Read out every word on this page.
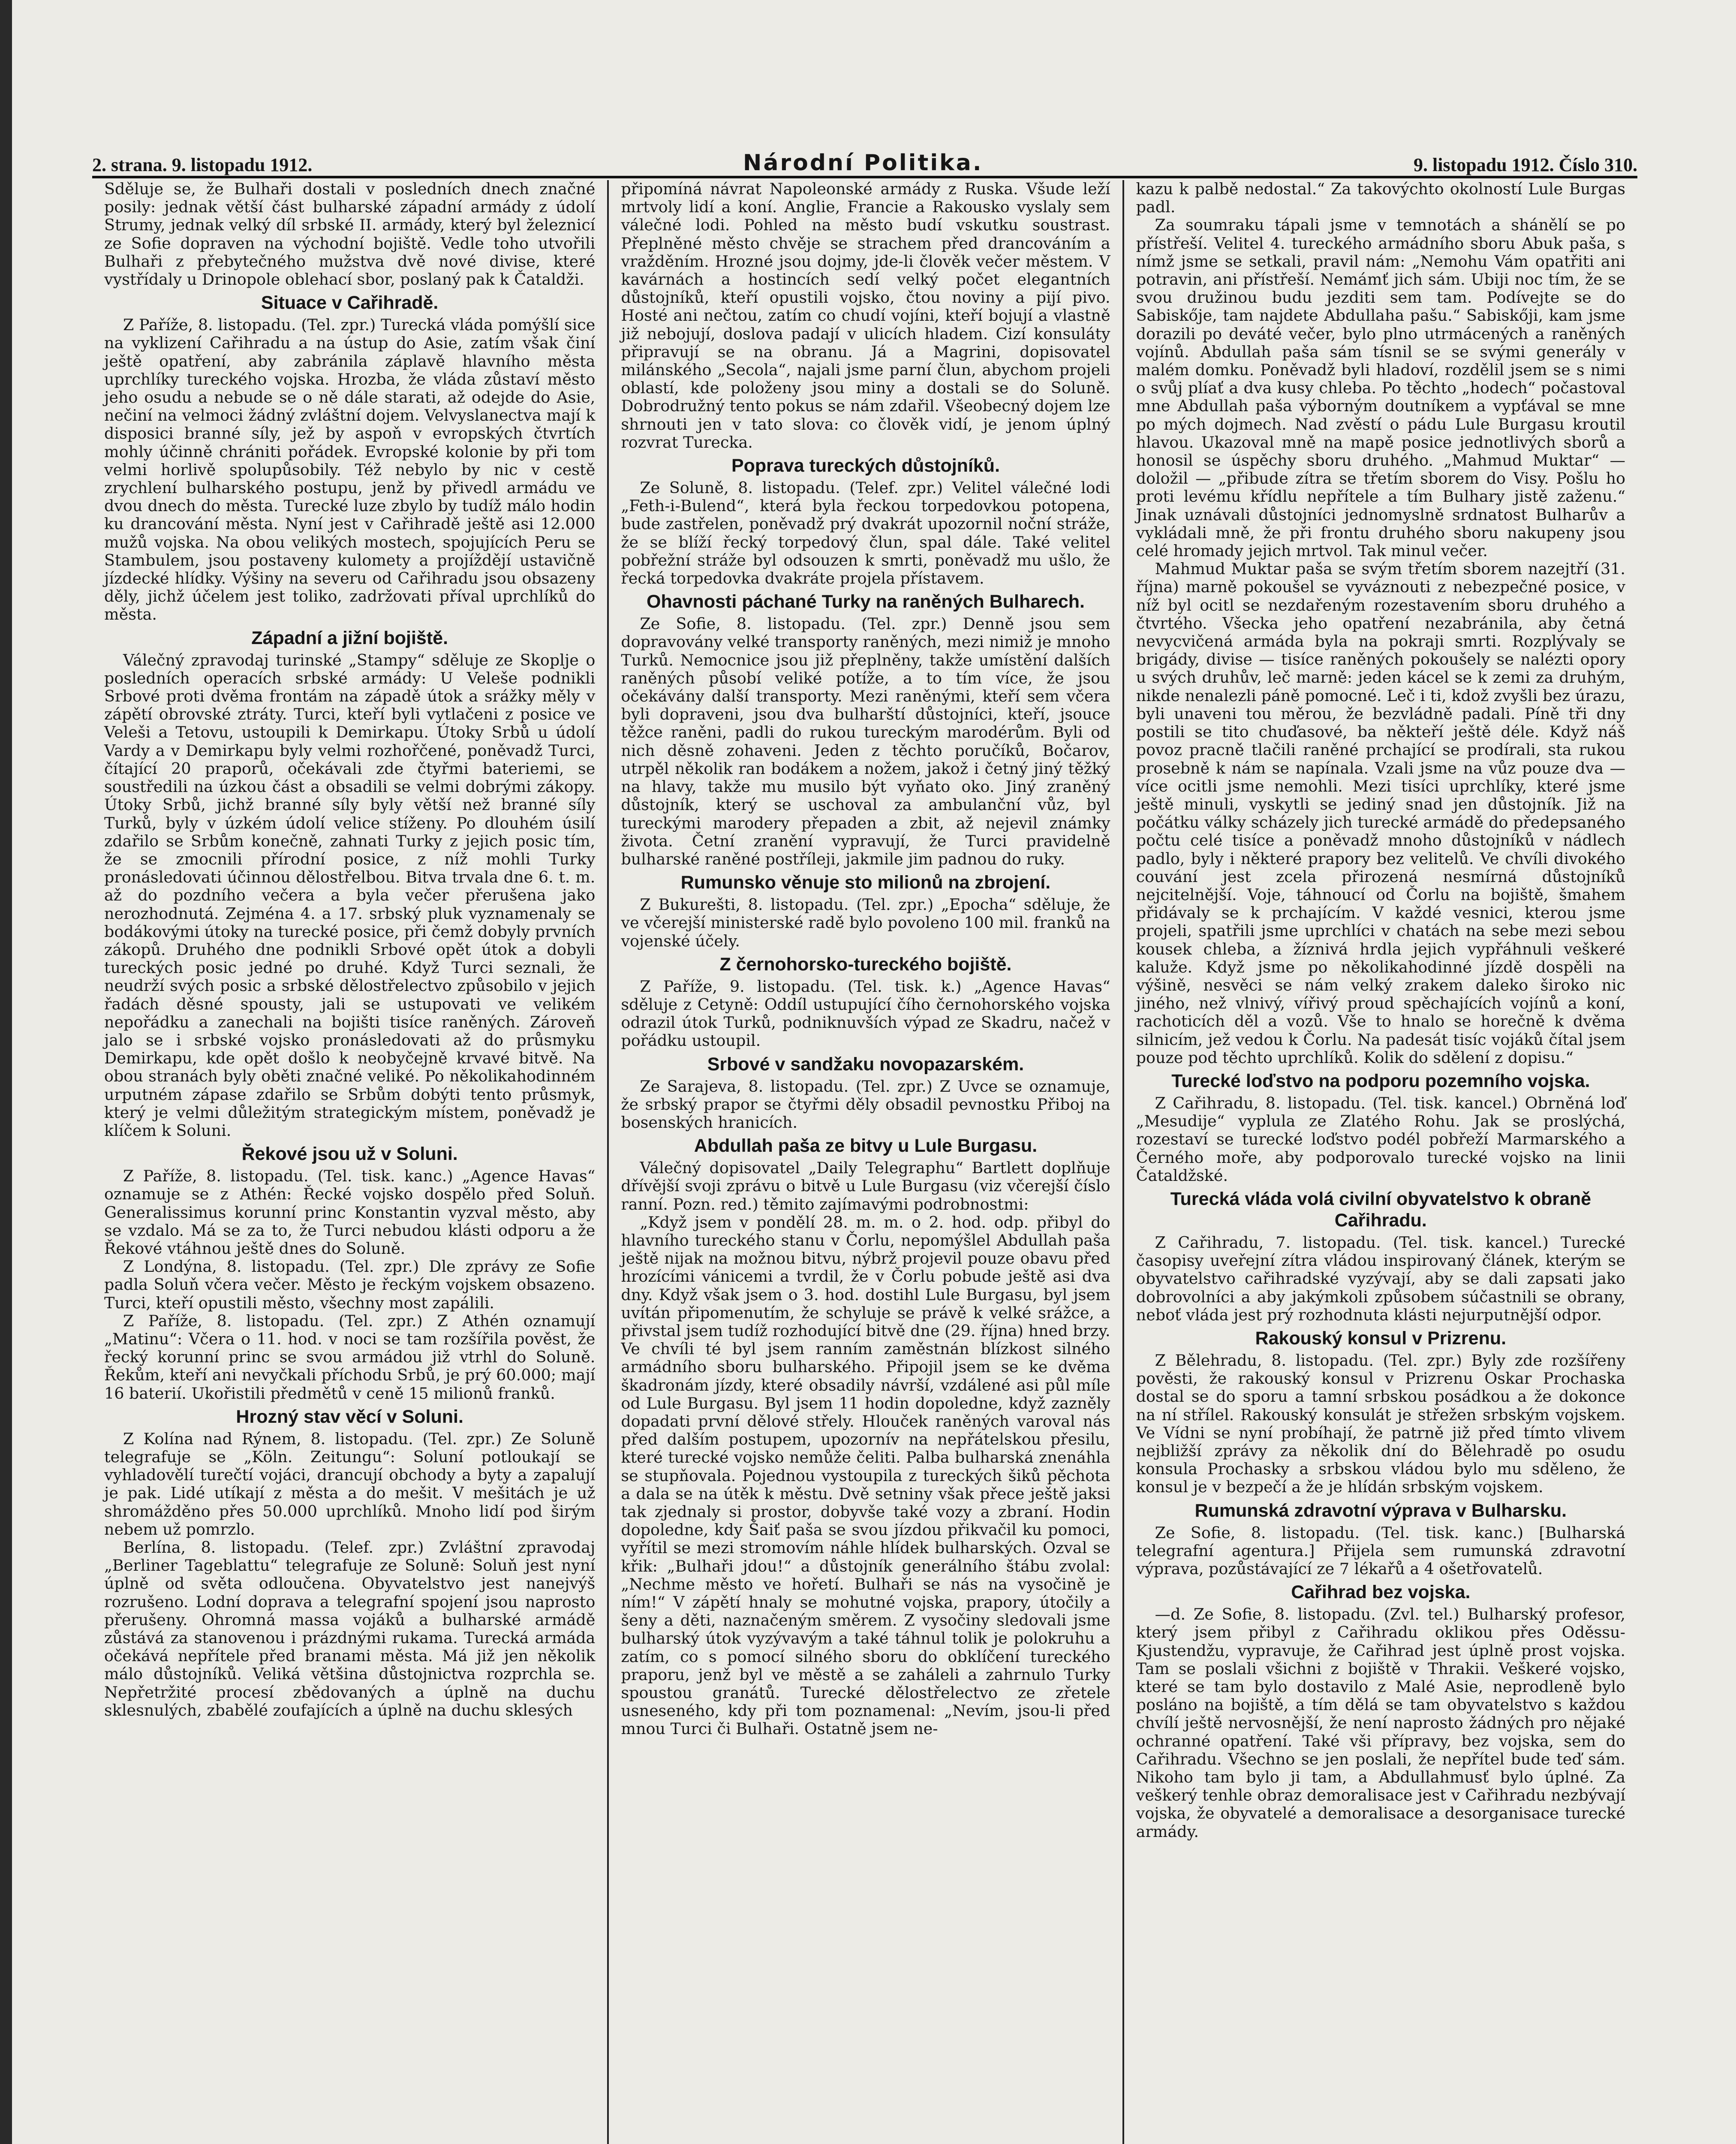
2. strana. 9. listopadu 1912.	Národní Politika.	9. listopadu 1912. Číslo 310.

Sděluje se, že Bulhaři dostali v posledních dnech značné posily: jednak větší část bulharské západní armády z údolí Strumy, jednak velký díl srbské II. armády, který byl železnicí ze Sofie dopraven na východní bojiště. Vedle toho utvořili Bulhaři z přebytečného mužstva dvě nové divise, které vystřídaly u Drinopole oblehací sbor, poslaný pak k Čataldži.

Situace v Cařihradě.

Z Paříže, 8. listopadu. (Tel. zpr.) Turecká vláda pomýšlí sice na vyklizení Cařihradu a na ústup do Asie, zatím však činí ještě opatření, aby zabránila záplavě hlavního města uprchlíky tureckého vojska. Hrozba, že vláda zůstaví město jeho osudu a nebude se o ně dále starati, až odejde do Asie, nečiní na velmoci žádný zvláštní dojem. Velvyslanectva mají k disposici branné síly, jež by aspoň v evropských čtvrtích mohly účinně chrániti pořádek. Evropské kolonie by při tom velmi horlivě spolupůsobily. Též nebylo by nic v cestě zrychlení bulharského postupu, jenž by přivedl armádu ve dvou dnech do města. Turecké luze zbylo by tudíž málo hodin ku drancování města. Nyní jest v Cařihradě ještě asi 12.000 mužů vojska. Na obou velikých mostech, spojujících Peru se Stambulem, jsou postaveny kulomety a projíždějí ustavičně jízdecké hlídky. Výšiny na severu od Cařihradu jsou obsazeny děly, jichž účelem jest toliko, zadržovati příval uprchlíků do města.

Západní a jižní bojiště.

Válečný zpravodaj turinské „Stampy“ sděluje ze Skoplje o posledních operacích srbské armády: U Veleše podnikli Srbové proti dvěma frontám na západě útok a srážky měly v zápětí obrovské ztráty. Turci, kteří byli vytlačeni z posice ve Veleši a Tetovu, ustoupili k Demirkapu. Útoky Srbů u údolí Vardy a v Demirkapu byly velmi rozhořčené, poněvadž Turci, čítající 20 praporů, očekávali zde čtyřmi bateriemi, se soustředili na úzkou část a obsadili se velmi dobrými zákopy. Útoky Srbů, jichž branné síly byly větší než branné síly Turků, byly v úzkém údolí velice stíženy. Po dlouhém úsilí zdařilo se Srbům konečně, zahnati Turky z jejich posic tím, že se zmocnili přírodní posice, z níž mohli Turky pronásledovati účinnou dělostřelbou. Bitva trvala dne 6. t. m. až do pozdního večera a byla večer přerušena jako nerozhodnutá. Zejména 4. a 17. srbský pluk vyznamenaly se bodákovými útoky na turecké posice, při čemž dobyly prvních zákopů. Druhého dne podnikli Srbové opět útok a dobyli tureckých posic jedné po druhé. Když Turci seznali, že neudrží svých posic a srbské dělostřelectvo způsobilo v jejich řadách děsné spousty, jali se ustupovati ve velikém nepořádku a zanechali na bojišti tisíce raněných. Zároveň jalo se i srbské vojsko pronásledovati až do průsmyku Demirkapu, kde opět došlo k neobyčejně krvavé bitvě. Na obou stranách byly oběti značné veliké. Po několikahodinném urputném zápase zdařilo se Srbům dobýti tento průsmyk, který je velmi důležitým strategickým místem, poněvadž je klíčem k Soluni.

Řekové jsou už v Soluni.

Z Paříže, 8. listopadu. (Tel. tisk. kanc.) „Agence Havas“ oznamuje se z Athén: Řecké vojsko dospělo před Soluň. Generalissimus korunní princ Konstantin vyzval město, aby se vzdalo. Má se za to, že Turci nebudou klásti odporu a že Řekové vtáhnou ještě dnes do Soluně.

Z Londýna, 8. listopadu. (Tel. zpr.) Dle zprávy ze Sofie padla Soluň včera večer. Město je řeckým vojskem obsazeno. Turci, kteří opustili město, všechny most zapálili.

Z Paříže, 8. listopadu. (Tel. zpr.) Z Athén oznamují „Matinu“: Včera o 11. hod. v noci se tam rozšířila pověst, že řecký korunní princ se svou armádou již vtrhl do Soluně. Řekům, kteří ani nevyčkali příchodu Srbů, je prý 60.000; mají 16 baterií. Ukořistili předmětů v ceně 15 milionů franků.

Hrozný stav věcí v Soluni.

Z Kolína nad Rýnem, 8. listopadu. (Tel. zpr.) Ze Soluně telegrafuje se „Köln. Zeitungu“: Soluní potloukají se vyhladovělí turečtí vojáci, drancují obchody a byty a zapalují je pak. Lidé utíkají z města a do mešit. V mešitách je už shromážděno přes 50.000 uprchlíků. Mnoho lidí pod širým nebem už pomrzlo.

Berlína, 8. listopadu. (Telef. zpr.) Zvláštní zpravodaj „Berliner Tageblattu“ telegrafuje ze Soluně: Soluň jest nyní úplně od světa odloučena. Obyvatelstvo jest nanejvýš rozrušeno. Lodní doprava a telegrafní spojení jsou naprosto přerušeny. Ohromná massa vojáků a bulharské armádě zůstává za stanovenou i prázdnými rukama. Turecká armáda očekává nepřítele před branami města. Má již jen několik málo důstojníků. Veliká většina důstojnictva rozprchla se. Nepřetržité procesí zbědovaných a úplně na duchu sklesnulých, zbabělé zoufajících a úplně na duchu sklesých

připomíná návrat Napoleonské armády z Ruska. Všude leží mrtvoly lidí a koní. Anglie, Francie a Rakousko vyslaly sem válečné lodi. Pohled na město budí vskutku soustrast. Přeplněné město chvěje se strachem před drancováním a vražděním. Hrozné jsou dojmy, jde-li člověk večer městem. V kavárnách a hostincích sedí velký počet elegantních důstojníků, kteří opustili vojsko, čtou noviny a pijí pivo. Hosté ani nečtou, zatím co chudí vojíni, kteří bojují a vlastně již nebojují, doslova padají v ulicích hladem. Cizí konsuláty připravují se na obranu. Já a Magrini, dopisovatel milánského „Secola“, najali jsme parní člun, abychom projeli oblastí, kde položeny jsou miny a dostali se do Soluně. Dobrodružný tento pokus se nám zdařil. Všeobecný dojem lze shrnouti jen v tato slova: co člověk vidí, je jenom úplný rozvrat Turecka.

Poprava tureckých důstojníků.

Ze Soluně, 8. listopadu. (Telef. zpr.) Velitel válečné lodi „Feth-i-Bulend“, která byla řeckou torpedovkou potopena, bude zastřelen, poněvadž prý dvakrát upozornil noční stráže, že se blíží řecký torpedový člun, spal dále. Také velitel pobřežní stráže byl odsouzen k smrti, poněvadž mu ušlo, že řecká torpedovka dvakráte projela přístavem.

Ohavnosti páchané Turky na raněných Bulharech.

Ze Sofie, 8. listopadu. (Tel. zpr.) Denně jsou sem dopravovány velké transporty raněných, mezi nimiž je mnoho Turků. Nemocnice jsou již přeplněny, takže umístění dalších raněných působí veliké potíže, a to tím více, že jsou očekávány další transporty. Mezi raněnými, kteří sem včera byli dopraveni, jsou dva bulharští důstojníci, kteří, jsouce těžce raněni, padli do rukou tureckým marodérům. Byli od nich děsně zohaveni. Jeden z těchto poručíků, Bočarov, utrpěl několik ran bodákem a nožem, jakož i četný jiný těžký na hlavy, takže mu musilo být vyňato oko. Jiný zraněný důstojník, který se uschoval za ambulanční vůz, byl tureckými marodery přepaden a zbit, až nejevil známky života. Četní zranění vypravují, že Turci pravidelně bulharské raněné postříleji, jakmile jim padnou do ruky.

Rumunsko věnuje sto milionů na zbrojení.

Z Bukurešti, 8. listopadu. (Tel. zpr.) „Epocha“ sděluje, že ve včerejší ministerské radě bylo povoleno 100 mil. franků na vojenské účely.

Z černohorsko-tureckého bojiště.

Z Paříže, 9. listopadu. (Tel. tisk. k.) „Agence Havas“ sděluje z Cetyně: Oddíl ustupující čího černohorského vojska odrazil útok Turků, podniknuvších výpad ze Skadru, načež v pořádku ustoupil.

Srbové v sandžaku novopazarském.

Ze Sarajeva, 8. listopadu. (Tel. zpr.) Z Uvce se oznamuje, že srbský prapor se čtyřmi děly obsadil pevnostku Přiboj na bosenských hranicích.

Abdullah paša ze bitvy u Lule Burgasu.

Válečný dopisovatel „Daily Telegraphu“ Bartlett doplňuje dřívější svoji zprávu o bitvě u Lule Burgasu (viz včerejší číslo ranní. Pozn. red.) těmito zajímavými podrobnostmi:

„Když jsem v pondělí 28. m. m. o 2. hod. odp. přibyl do hlavního tureckého stanu v Čorlu, nepomýšlel Abdullah paša ještě nijak na možnou bitvu, nýbrž projevil pouze obavu před hrozícími vánicemi a tvrdil, že v Čorlu pobude ještě asi dva dny. Když však jsem o 3. hod. dostihl Lule Burgasu, byl jsem uvítán připomenutím, že schyluje se právě k velké srážce, a přivstal jsem tudíž rozhodující bitvě dne (29. října) hned brzy. Ve chvíli té byl jsem ranním zaměstnán blízkost silného armádního sboru bulharského. Připojil jsem se ke dvěma škadronám jízdy, které obsadily návrší, vzdálené asi půl míle od Lule Burgasu. Byl jsem 11 hodin dopoledne, když zazněly dopadati první dělové střely. Hlouček raněných varoval nás před dalším postupem, upozornív na nepřátelskou přesilu, které turecké vojsko nemůže čeliti. Palba bulharská znenáhla se stupňovala. Pojednou vystoupila z tureckých šiků pěchota a dala se na útěk k městu. Dvě setniny však přece ještě jaksi tak zjednaly si prostor, dobyvše také vozy a zbraní. Hodin dopoledne, kdy Šaiť paša se svou jízdou přikvačil ku pomoci, vyřítil se mezi stromovím náhle hlídek bulharských. Ozval se křik: „Bulhaři jdou!“ a důstojník generálního štábu zvolal: „Nechme město ve hořetí. Bulhaři se nás na vysočině je ním!“ V zápětí hnaly se mohutné vojska, prapory, útočily a šeny a děti, naznačeným směrem. Z vysočiny sledovali jsme bulharský útok vyzývavým a také táhnul tolik je polokruhu a zatím, co s pomocí silného sboru do obklíčení tureckého praporu, jenž byl ve městě a se zaháleli a zahrnulo Turky spoustou granátů. Turecké dělostřelectvo ze zřetele usneseného, kdy při tom poznamenal: „Nevím, jsou-li před mnou Turci či Bulhaři. Ostatně jsem ne-

kazu k palbě nedostal.“ Za takovýchto okolností Lule Burgas padl.

Za soumraku tápali jsme v temnotách a shánělí se po přístřeší. Velitel 4. tureckého armádního sboru Abuk paša, s nímž jsme se setkali, pravil nám: „Nemohu Vám opatřiti ani potravin, ani přístřeší. Nemámť jich sám. Ubiji noc tím, že se svou družinou budu jezditi sem tam. Podívejte se do Sabiskője, tam najdete Abdullaha pašu.“ Sabiskőji, kam jsme dorazili po deváté večer, bylo plno utrmácených a raněných vojínů. Abdullah paša sám tísnil se se svými generály v malém domku. Poněvadž byli hladoví, rozdělil jsem se s nimi o svůj plíať a dva kusy chleba. Po těchto „hodech“ počastoval mne Abdullah paša výborným doutníkem a vypťával se mne po mých dojmech. Nad zvěstí o pádu Lule Burgasu kroutil hlavou. Ukazoval mně na mapě posice jednotlivých sborů a honosil se úspěchy sboru druhého. „Mahmud Muktar“ — doložil — „přibude zítra se třetím sborem do Visy. Pošlu ho proti levému křídlu nepřítele a tím Bulhary jistě zaženu.“ Jinak uznávali důstojníci jednomyslně srdnatost Bulharův a vykládali mně, že při frontu druhého sboru nakupeny jsou celé hromady jejich mrtvol. Tak minul večer.

Mahmud Muktar paša se svým třetím sborem nazejtří (31. října) marně pokoušel se vyváznouti z nebezpečné posice, v níž byl ocitl se nezdařeným rozestavením sboru druhého a čtvrtého. Všecka jeho opatření nezabránila, aby četná nevycvičená armáda byla na pokraji smrti. Rozplývaly se brigády, divise — tisíce raněných pokoušely se nalézti opory u svých druhův, leč marně: jeden kácel se k zemi za druhým, nikde nenalezli páně pomocné. Leč i ti, kdož zvyšli bez úrazu, byli unaveni tou měrou, že bezvládně padali. Píně tři dny postili se tito chuďasové, ba někteří ještě déle. Když náš povoz pracně tlačili raněné prchající se prodírali, sta rukou prosebně k nám se napínala. Vzali jsme na vůz pouze dva — více ocitli jsme nemohli. Mezi tisíci uprchlíky, které jsme ještě minuli, vyskytli se jediný snad jen důstojník. Již na počátku války scházely jich turecké armádě do předepsaného počtu celé tisíce a poněvadž mnoho důstojníků v nádlech padlo, byly i některé prapory bez velitelů. Ve chvíli divokého couvání jest zcela přirozená nesmírná důstojníků nejcitelnější. Voje, táhnoucí od Čorlu na bojiště, šmahem přidávaly se k prchajícím. V každé vesnici, kterou jsme projeli, spatřili jsme uprchlíci v chatách na sebe mezi sebou kousek chleba, a žíznivá hrdla jejich vypřáhnuli veškeré kaluže. Když jsme po několikahodinné jízdě dospěli na výšině, nesvěci se nám velký zrakem daleko široko nic jiného, než vlnivý, vířivý proud spěchajících vojínů a koní, rachoticích děl a vozů. Vše to hnalo se horečně k dvěma silnicím, jež vedou k Čorlu. Na padesát tisíc vojáků čítal jsem pouze pod těchto uprchlíků. Kolik do sdělení z dopisu.“

Turecké loďstvo na podporu pozemního vojska.

Z Cařihradu, 8. listopadu. (Tel. tisk. kancel.) Obrněná loď „Mesudije“ vyplula ze Zlatého Rohu. Jak se proslýchá, rozestaví se turecké loďstvo podél pobřeží Marmarského a Černého moře, aby podporovalo turecké vojsko na linii Čataldžské.

Turecká vláda volá civilní obyvatelstvo k obraně Cařihradu.

Z Cařihradu, 7. listopadu. (Tel. tisk. kancel.) Turecké časopisy uveřejní zítra vládou inspirovaný článek, kterým se obyvatelstvo cařihradské vyzývají, aby se dali zapsati jako dobrovolníci a aby jakýmkoli způsobem súčastnili se obrany, neboť vláda jest prý rozhodnuta klásti nejurputnější odpor.

Rakouský konsul v Prizrenu.

Z Bělehradu, 8. listopadu. (Tel. zpr.) Byly zde rozšířeny pověsti, že rakouský konsul v Prizrenu Oskar Prochaska dostal se do sporu a tamní srbskou posádkou a že dokonce na ní střílel. Rakouský konsulát je střežen srbským vojskem. Ve Vídni se nyní probíhají, že patrně již před tímto vlivem nejbližší zprávy za několik dní do Bělehradě po osudu konsula Prochasky a srbskou vládou bylo mu sděleno, že konsul je v bezpečí a že je hlídán srbským vojskem.

Rumunská zdravotní výprava v Bulharsku.

Ze Sofie, 8. listopadu. (Tel. tisk. kanc.) [Bulharská telegrafní agentura.] Přijela sem rumunská zdravotní výprava, pozůstávající ze 7 lékařů a 4 ošetřovatelů.

Cařihrad bez vojska.

—d. Ze Sofie, 8. listopadu. (Zvl. tel.) Bulharský profesor, který jsem přibyl z Cařihradu oklikou přes Oděssu-Kjustendžu, vypravuje, že Cařihrad jest úplně prost vojska. Tam se poslali všichni z bojiště v Thrakii. Veškeré vojsko, které se tam bylo dostavilo z Malé Asie, neprodleně bylo posláno na bojiště, a tím dělá se tam obyvatelstvo s každou chvílí ještě nervosnější, že není naprosto žádných pro nějaké ochranné opatření. Také vši přípravy, bez vojska, sem do Cařihradu. Všechno se jen poslali, že nepřítel bude teď sám. Nikoho tam bylo ji tam, a Abdullahmusť bylo úplné. Za veškerý tenhle obraz demoralisace jest v Cařihradu nezbývají vojska, že obyvatelé a demoralisace a desorganisace turecké armády.
